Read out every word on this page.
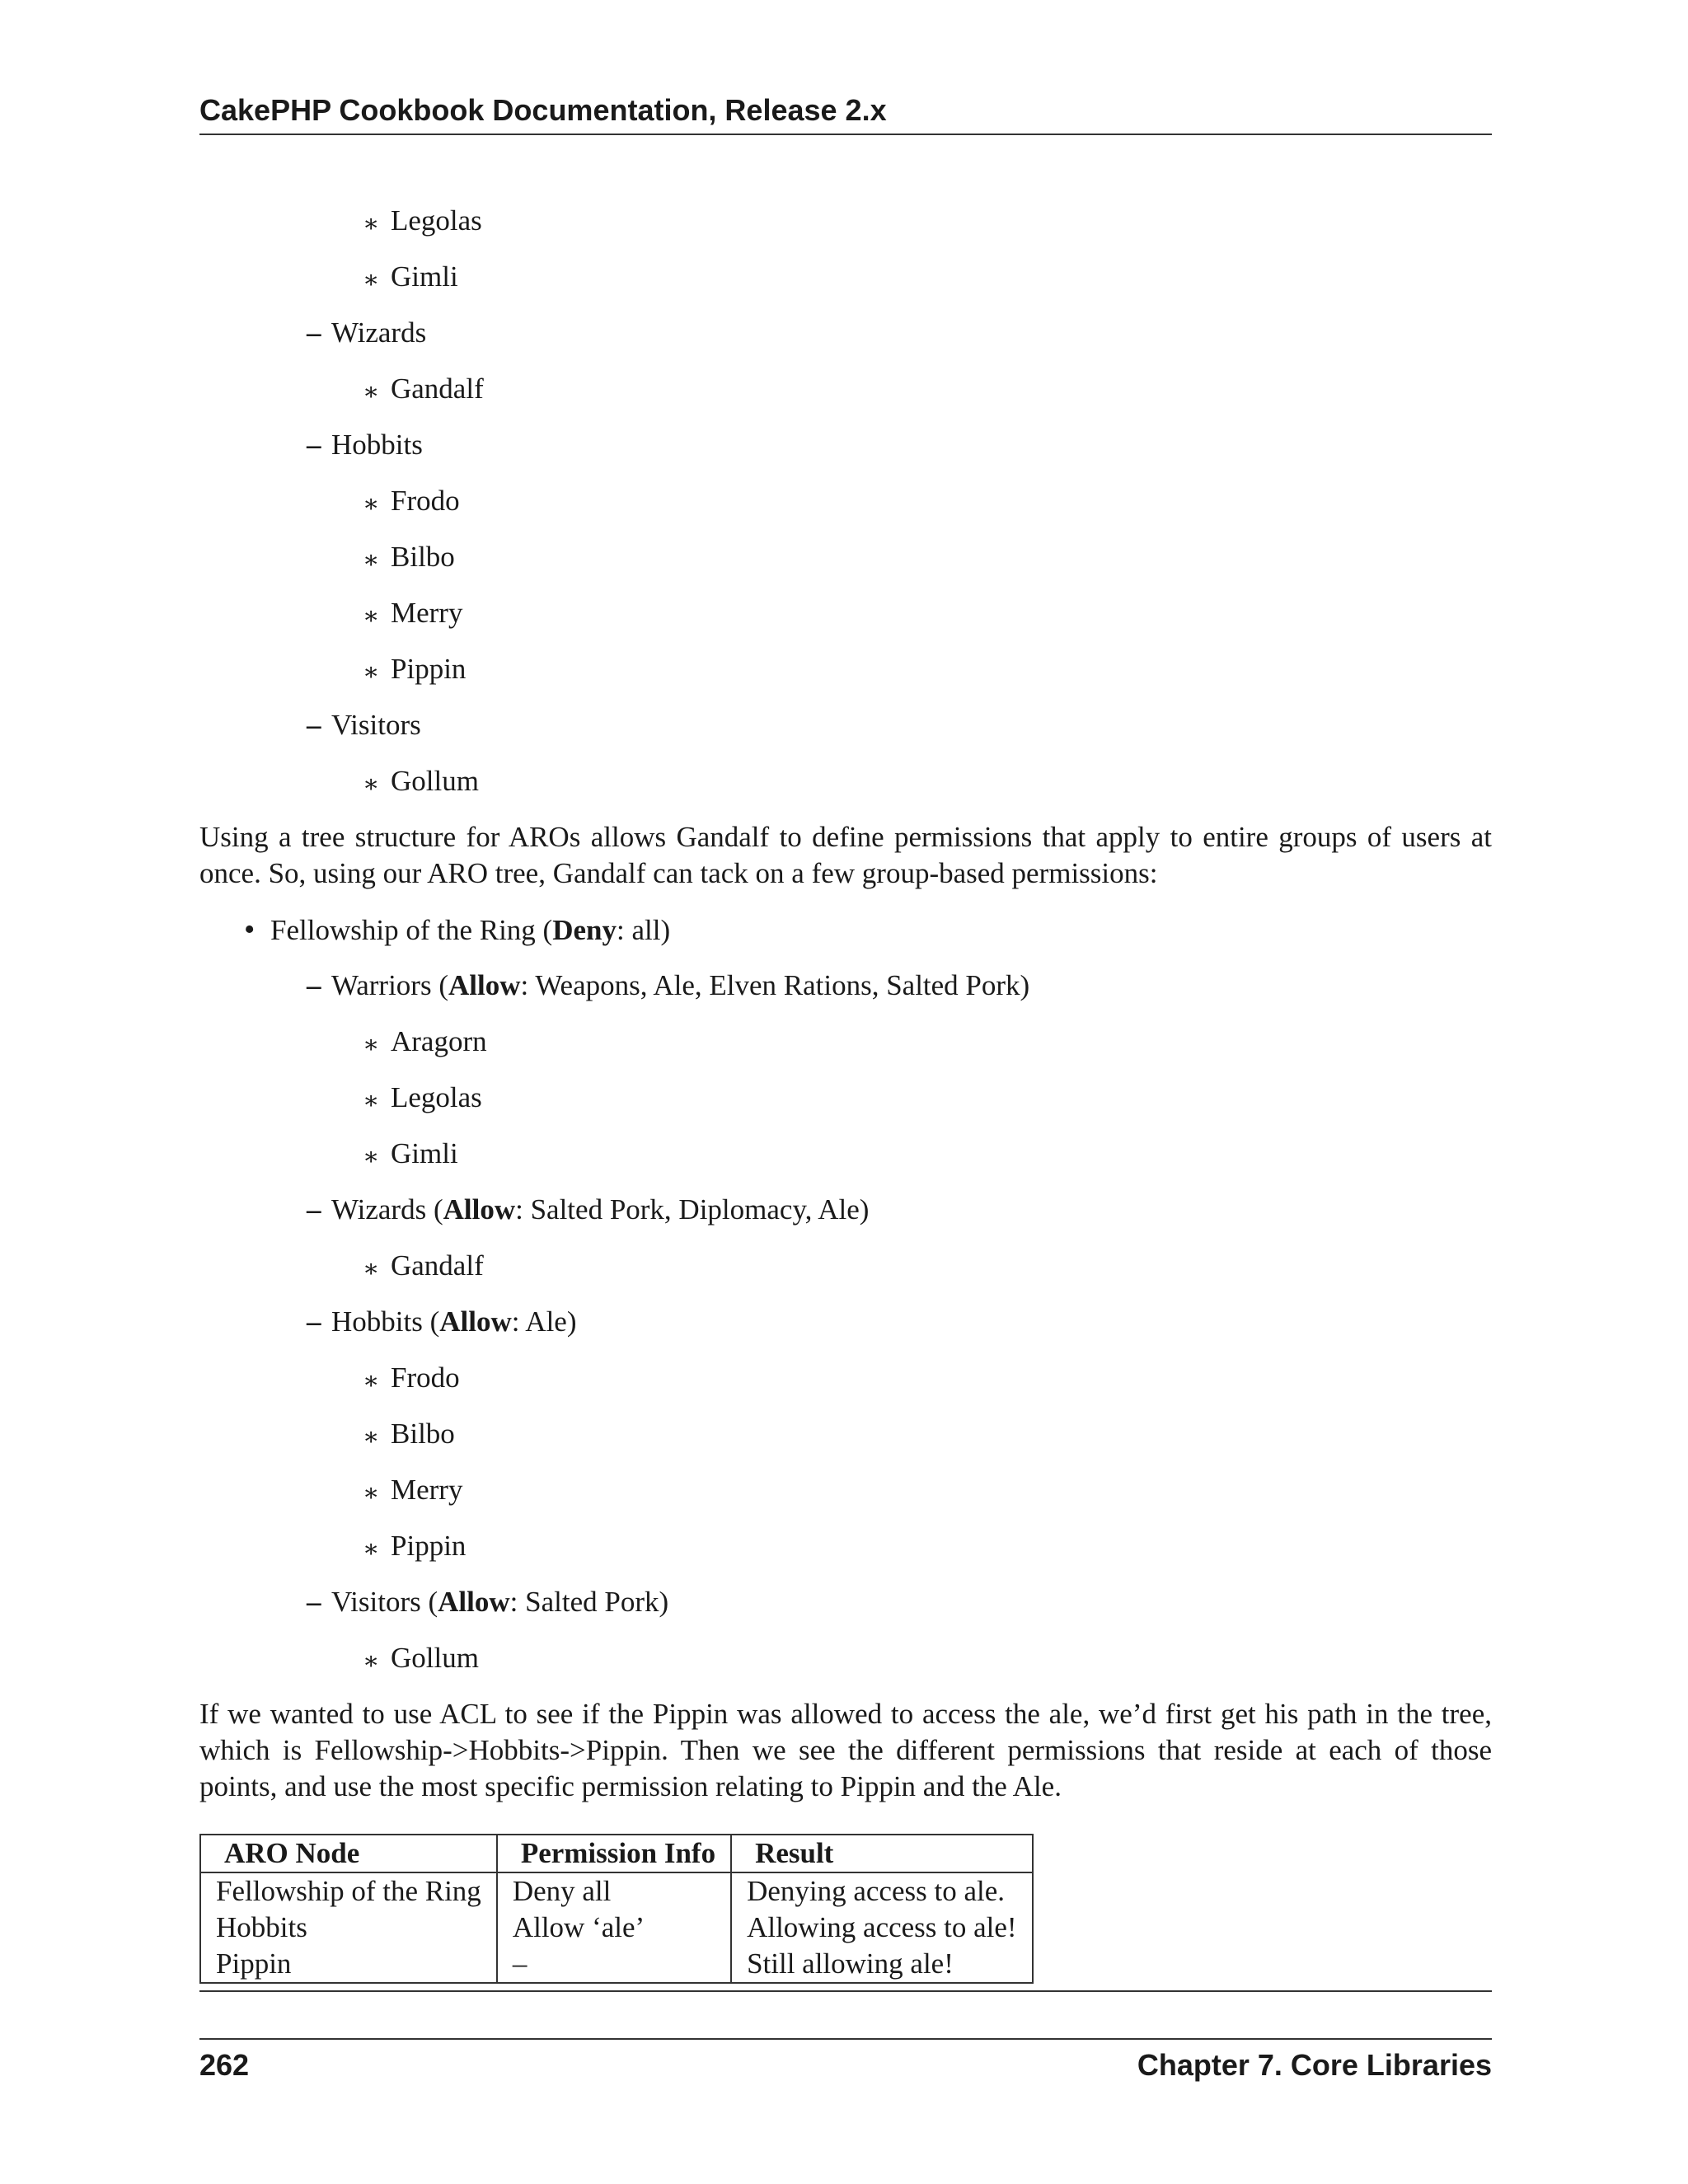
CakePHP Cookbook Documentation, Release 2.x
∗ Legolas
∗ Gimli
– Wizards
∗ Gandalf
– Hobbits
∗ Frodo
∗ Bilbo
∗ Merry
∗ Pippin
– Visitors
∗ Gollum
Using a tree structure for AROs allows Gandalf to define permissions that apply to entire groups of users at
once. So, using our ARO tree, Gandalf can tack on a few group-based permissions:
• Fellowship of the Ring (Deny: all)
– Warriors (Allow: Weapons, Ale, Elven Rations, Salted Pork)
∗ Aragorn
∗ Legolas
∗ Gimli
– Wizards (Allow: Salted Pork, Diplomacy, Ale)
∗ Gandalf
– Hobbits (Allow: Ale)
∗ Frodo
∗ Bilbo
∗ Merry
∗ Pippin
– Visitors (Allow: Salted Pork)
∗ Gollum
If we wanted to use ACL to see if the Pippin was allowed to access the ale, we’d first get his path in the tree,
which is Fellowship->Hobbits->Pippin. Then we see the different permissions that reside at each of those
points, and use the most specific permission relating to Pippin and the Ale.
ARO Node	Permission Info	Result
Fellowship of the Ring	Deny all	Denying access to ale.
Hobbits	Allow ‘ale’	Allowing access to ale!
Pippin	–	Still allowing ale!
262	Chapter 7. Core Libraries
